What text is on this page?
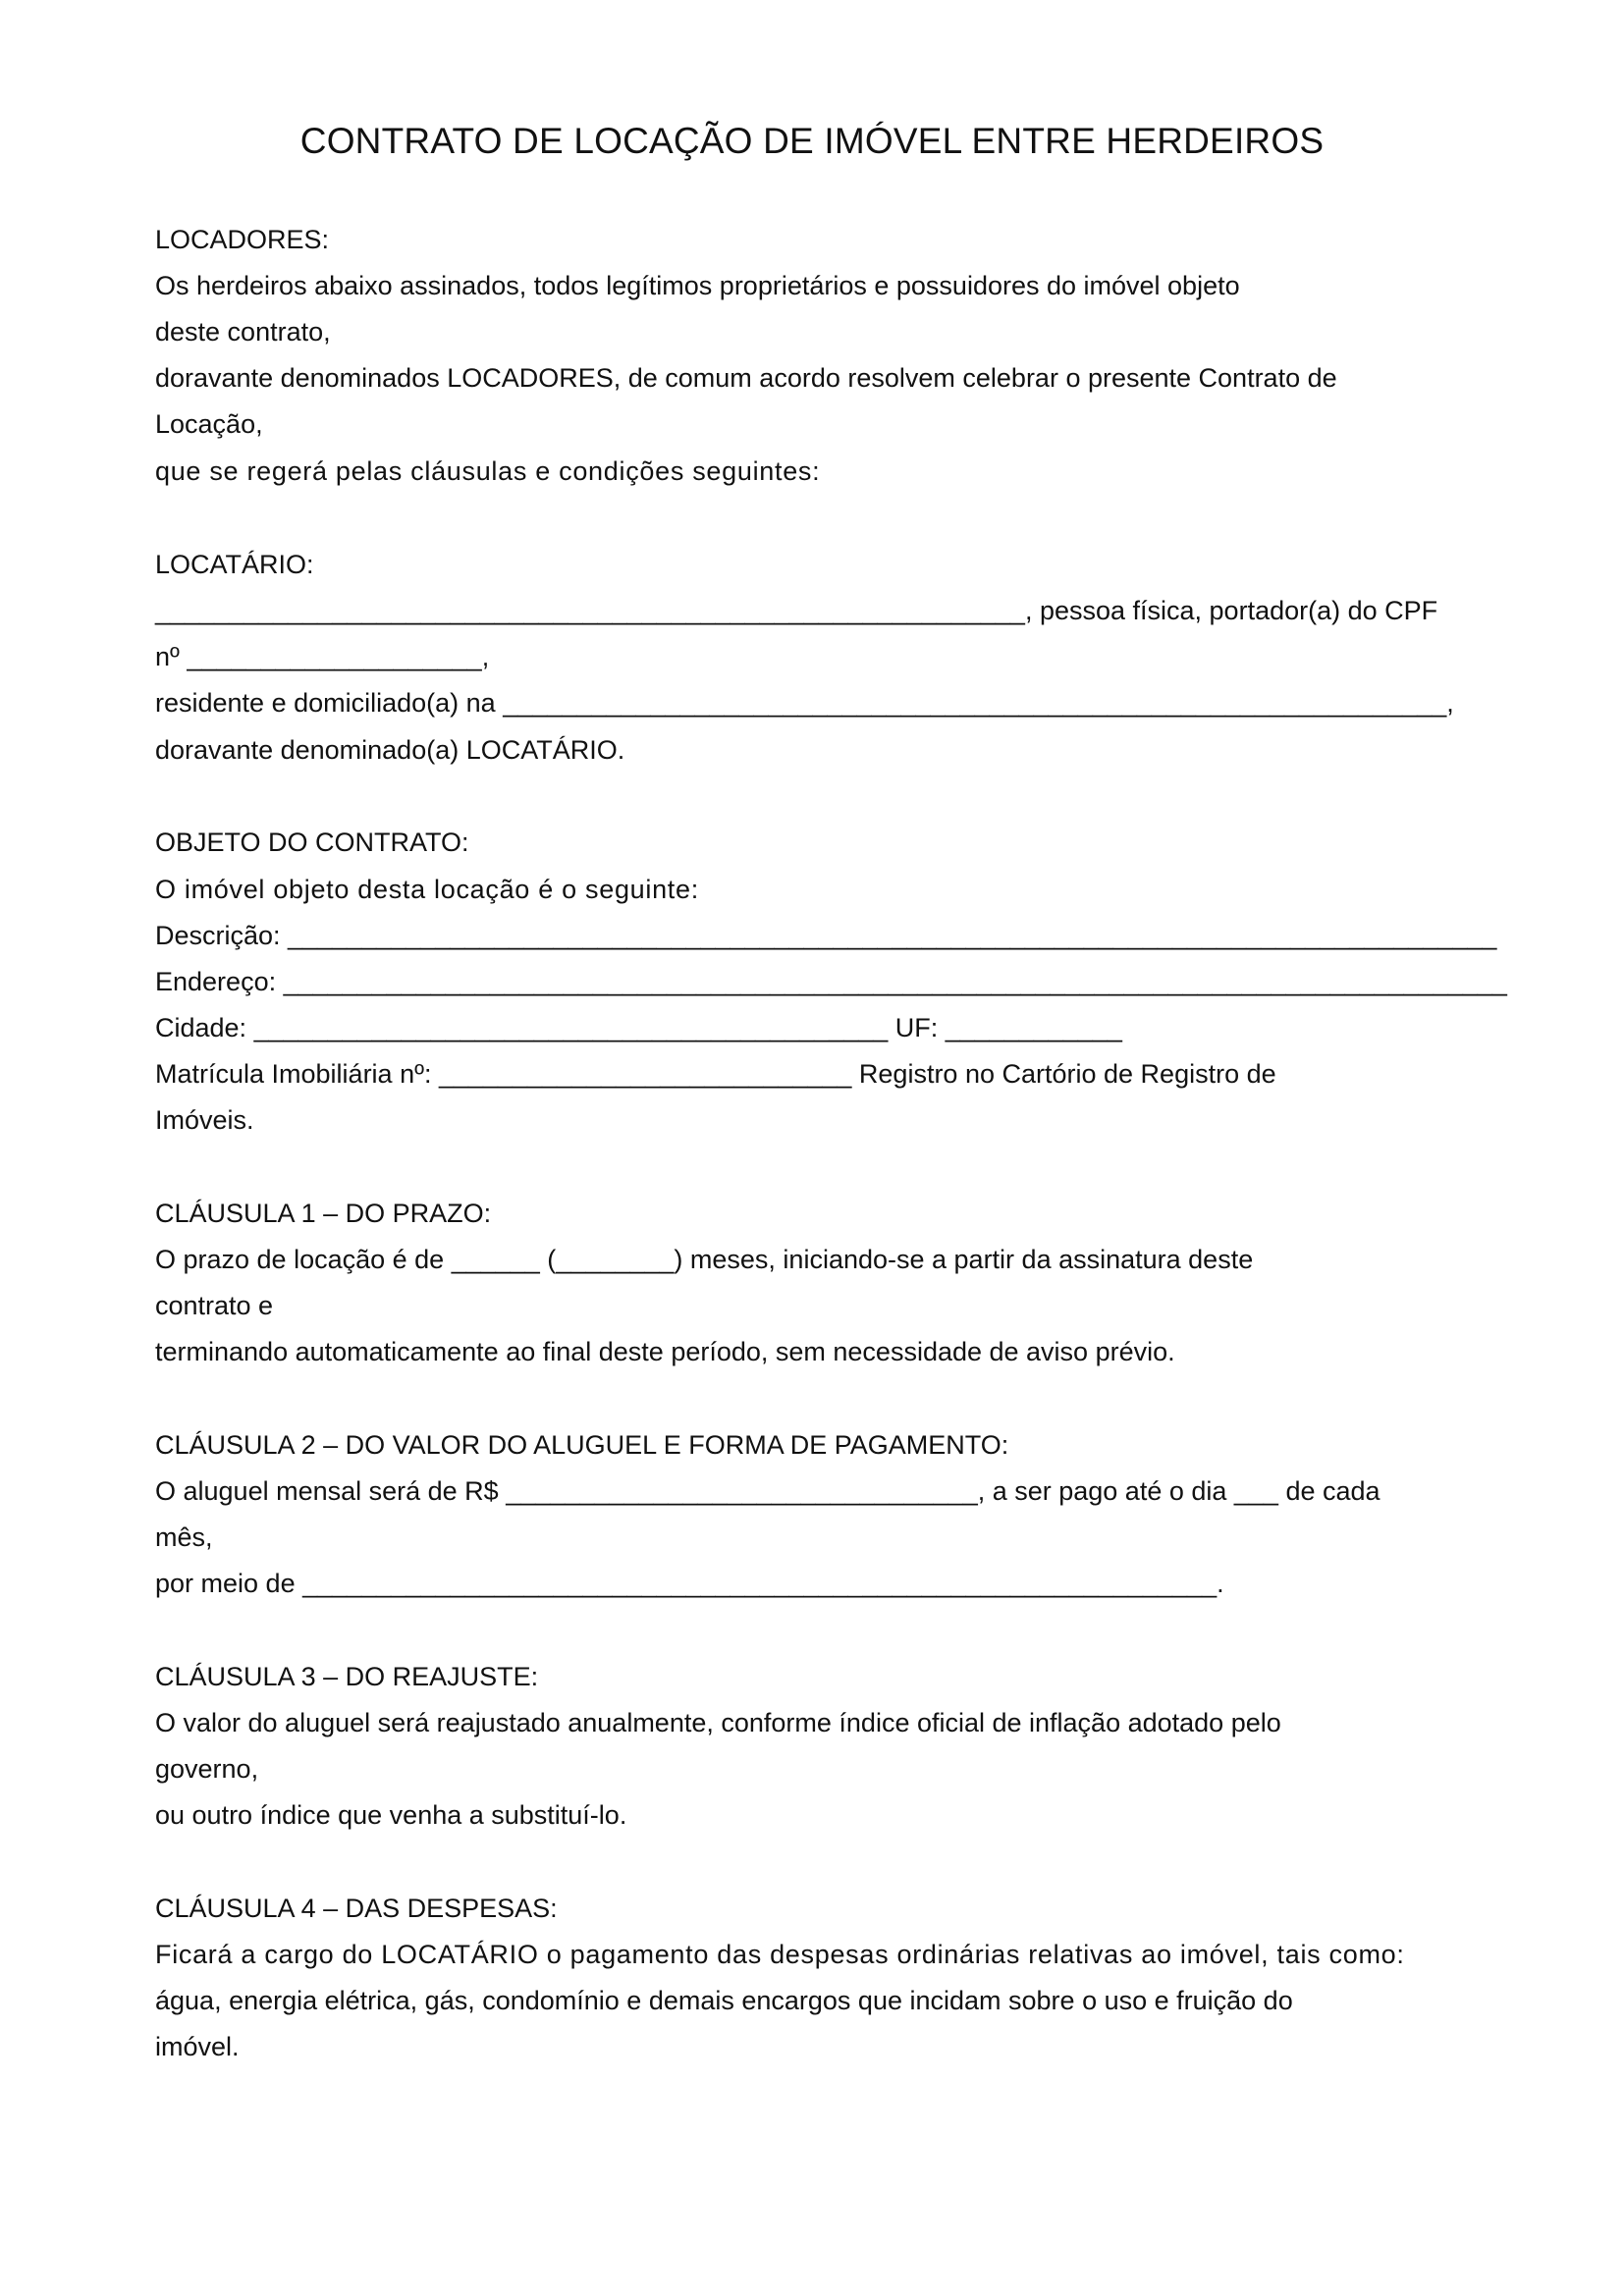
CONTRATO DE LOCAÇÃO DE IMÓVEL ENTRE HERDEIROS
LOCADORES:
Os herdeiros abaixo assinados, todos legítimos proprietários e possuidores do imóvel objeto
deste contrato,
doravante denominados LOCADORES, de comum acordo resolvem celebrar o presente Contrato de
Locação,
que se regerá pelas cláusulas e condições seguintes:
LOCATÁRIO:
___________________________________________________________, pessoa física, portador(a) do CPF
nº ____________________,
residente e domiciliado(a) na ________________________________________________________________,
doravante denominado(a) LOCATÁRIO.
OBJETO DO CONTRATO:
O imóvel objeto desta locação é o seguinte:
Descrição: __________________________________________________________________________________
Endereço: ___________________________________________________________________________________
Cidade: ___________________________________________ UF: ____________
Matrícula Imobiliária nº: ____________________________ Registro no Cartório de Registro de
Imóveis.
CLÁUSULA 1 – DO PRAZO:
O prazo de locação é de ______ (________) meses, iniciando-se a partir da assinatura deste
contrato e
terminando automaticamente ao final deste período, sem necessidade de aviso prévio.
CLÁUSULA 2 – DO VALOR DO ALUGUEL E FORMA DE PAGAMENTO:
O aluguel mensal será de R$ ________________________________, a ser pago até o dia ___ de cada
mês,
por meio de ______________________________________________________________.
CLÁUSULA 3 – DO REAJUSTE:
O valor do aluguel será reajustado anualmente, conforme índice oficial de inflação adotado pelo
governo,
ou outro índice que venha a substituí-lo.
CLÁUSULA 4 – DAS DESPESAS:
Ficará a cargo do LOCATÁRIO o pagamento das despesas ordinárias relativas ao imóvel, tais como:
água, energia elétrica, gás, condomínio e demais encargos que incidam sobre o uso e fruição do
imóvel.
